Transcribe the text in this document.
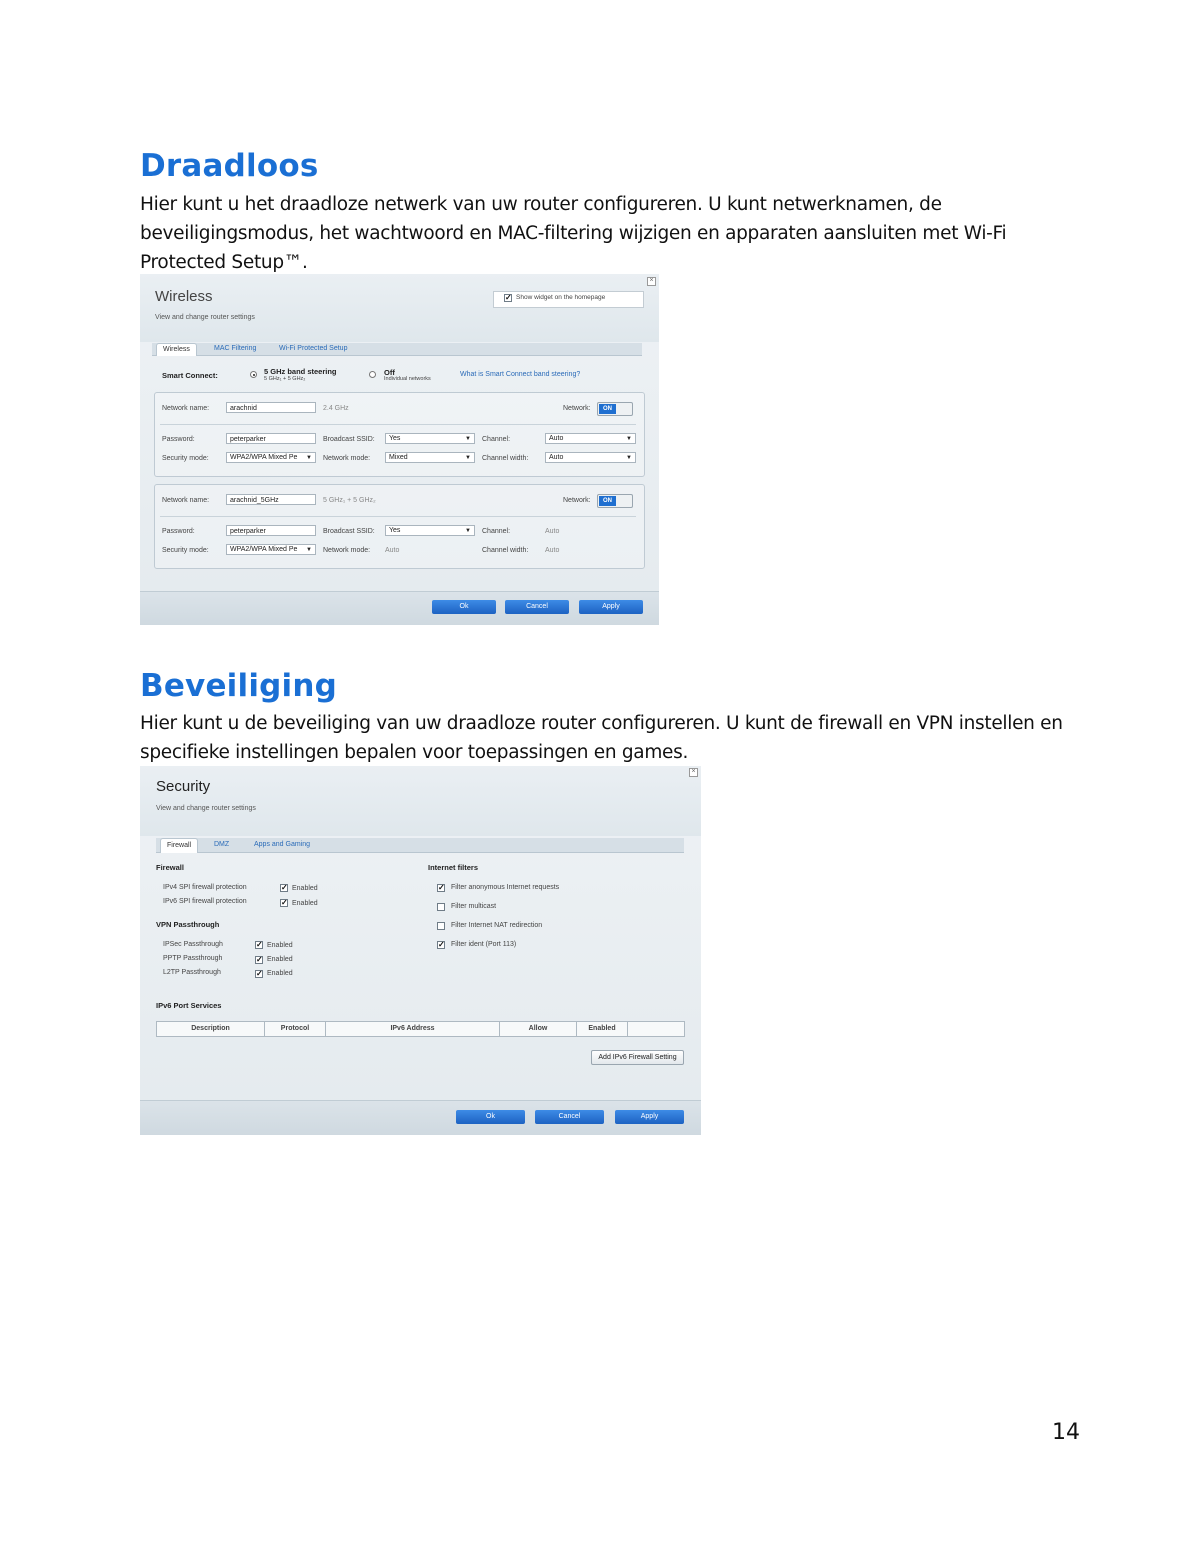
Draadloos
Hier kunt u het draadloze netwerk van uw router configureren. U kunt netwerknamen, de
beveiligingsmodus, het wachtwoord en MAC-filtering wijzigen en apparaten aansluiten met Wi-Fi
Protected Setup™.
×
Wireless
View and change router settings
✓ Show widget on the homepage
Wireless	MAC Filtering	Wi-Fi Protected Setup
Smart Connect:	5 GHz band steering
5 GHz₁ + 5 GHz₂
Off
Individual networks
What is Smart Connect band steering?
Network name:	arachnid	2.4 GHz	Network:	ON
Password:	peterparker	Broadcast SSID:	Yes	▼ Channel:	Auto	▼
Security mode:	WPA2/WPA Mixed Pe ▼ Network mode:	Mixed	▼ Channel width:	Auto	▼
Network name:	arachnid_5GHz	5 GHz₁ + 5 GHz₂	Network:	ON
Password:	peterparker	Broadcast SSID:	Yes	▼ Channel:	Auto
Security mode:	WPA2/WPA Mixed Pe ▼ Network mode: Auto	Channel width: Auto
Ok	Cancel	Apply
Beveiliging
Hier kunt u de beveiliging van uw draadloze router configureren. U kunt de firewall en VPN instellen en
specifieke instellingen bepalen voor toepassingen en games.
×
Security
View and change router settings
Firewall	DMZ	Apps and Gaming
Firewall
IPv4 SPI firewall protection	✓ Enabled
IPv6 SPI firewall protection	✓ Enabled
VPN Passthrough
IPSec Passthrough	✓ Enabled
PPTP Passthrough	✓ Enabled
L2TP Passthrough	✓ Enabled
Internet filters
✓ Filter anonymous Internet requests
Filter multicast
Filter Internet NAT redirection
✓ Filter ident (Port 113)
IPv6 Port Services
Description	Protocol	IPv6 Address	Allow	Enabled
Add IPv6 Firewall Setting
Ok	Cancel	Apply
14
